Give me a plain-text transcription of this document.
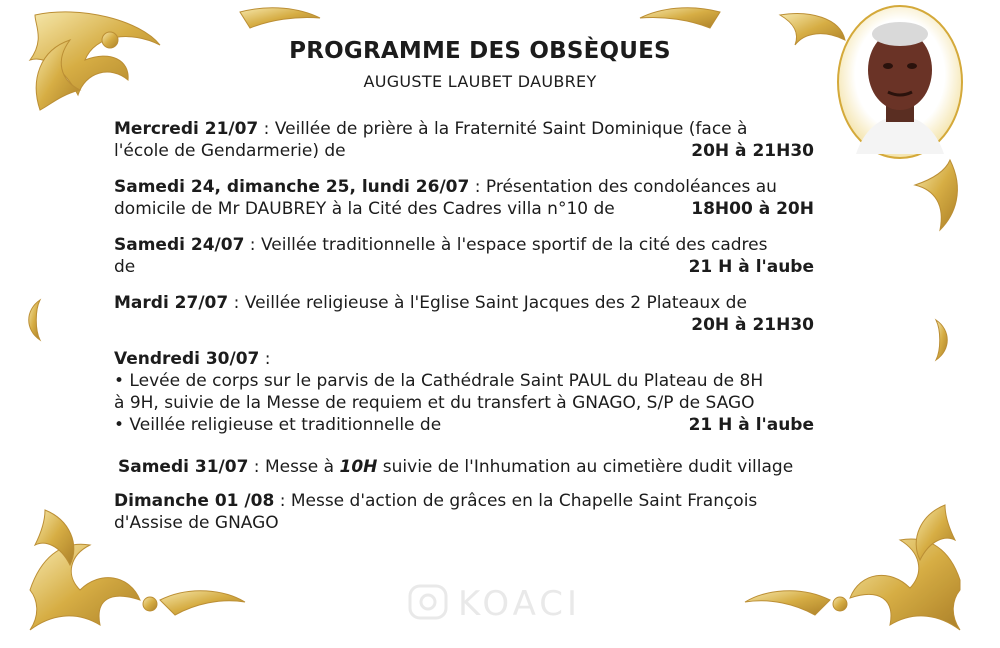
PROGRAMME DES OBSÈQUES
AUGUSTE LAUBET DAUBREY
Mercredi 21/07 : Veillée de prière à la Fraternité Saint Dominique (face à
l'école de Gendarmerie) de	20H à 21H30
Samedi 24, dimanche 25, lundi 26/07 : Présentation des condoléances au
domicile de Mr DAUBREY à la Cité des Cadres villa n°10 de	18H00 à 20H
Samedi 24/07 : Veillée traditionnelle à l'espace sportif de la cité des cadres
de	21 H à l'aube
Mardi 27/07 : Veillée religieuse à l'Eglise Saint Jacques des 2 Plateaux de
20H à 21H30
Vendredi 30/07 :
• Levée de corps sur le parvis de la Cathédrale Saint PAUL du Plateau de 8H
à 9H, suivie de la Messe de requiem et du transfert à GNAGO, S/P de SAGO
• Veillée religieuse et traditionnelle de	21 H à l'aube
Samedi 31/07 : Messe à 10H suivie de l'Inhumation au cimetière dudit village
Dimanche 01 /08 : Messe d'action de grâces en la Chapelle Saint François
d'Assise de GNAGO
KOACI
